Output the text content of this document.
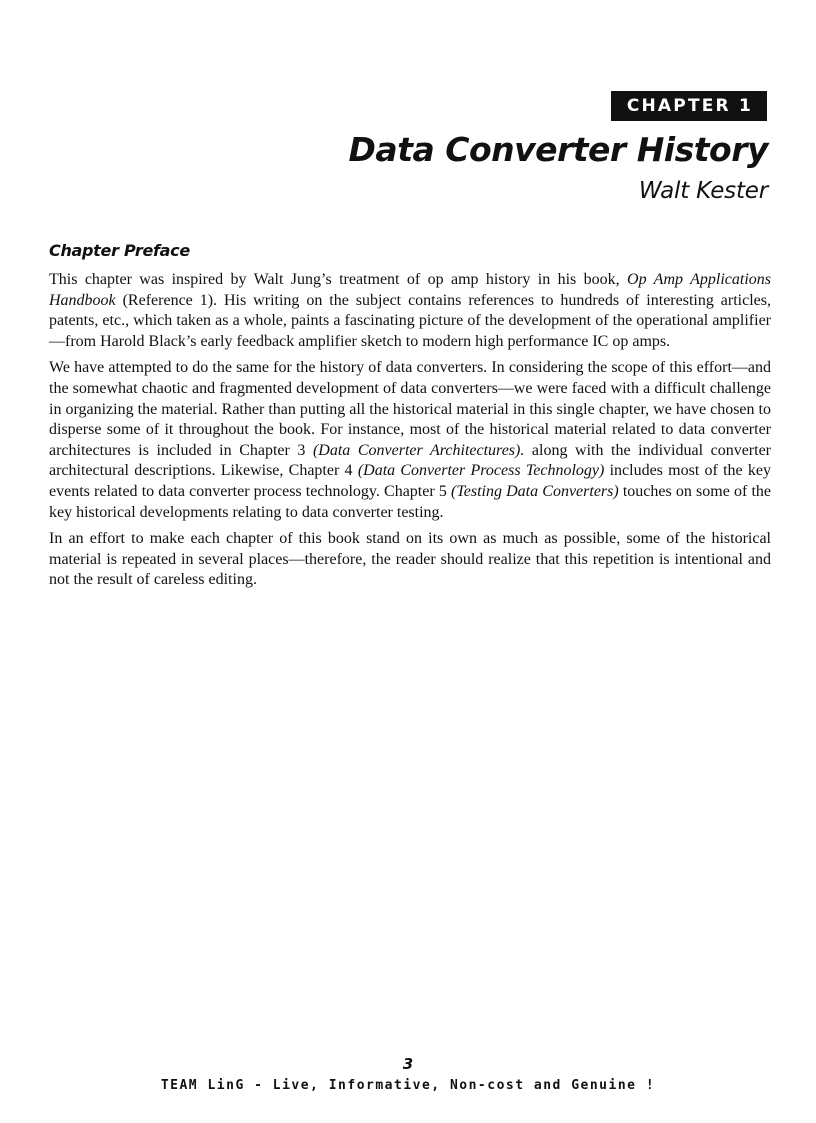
CHAPTER 1
Data Converter History
Walt Kester
Chapter Preface

This chapter was inspired by Walt Jung’s treatment of op amp history in his book, Op Amp Applications Handbook (Reference 1). His writing on the subject contains references to hundreds of interesting articles, patents, etc., which taken as a whole, paints a fascinating picture of the development of the operational amplifier—from Harold Black’s early feedback amplifier sketch to modern high performance IC op amps.

We have attempted to do the same for the history of data converters. In considering the scope of this effort—and the somewhat chaotic and fragmented development of data converters—we were faced with a difficult challenge in organizing the material. Rather than putting all the historical material in this single chapter, we have chosen to disperse some of it throughout the book. For instance, most of the historical material related to data converter architectures is included in Chapter 3 (Data Converter Architectures). along with the individual converter architectural descriptions. Likewise, Chapter 4 (Data Converter Process Technology) includes most of the key events related to data converter process technology. Chapter 5 (Testing Data Converters) touches on some of the key historical developments relating to data converter testing.

In an effort to make each chapter of this book stand on its own as much as possible, some of the historical material is repeated in several places—therefore, the reader should realize that this repetition is intentional and not the result of careless editing.

3
TEAM LinG - Live, Informative, Non-cost and Genuine !
